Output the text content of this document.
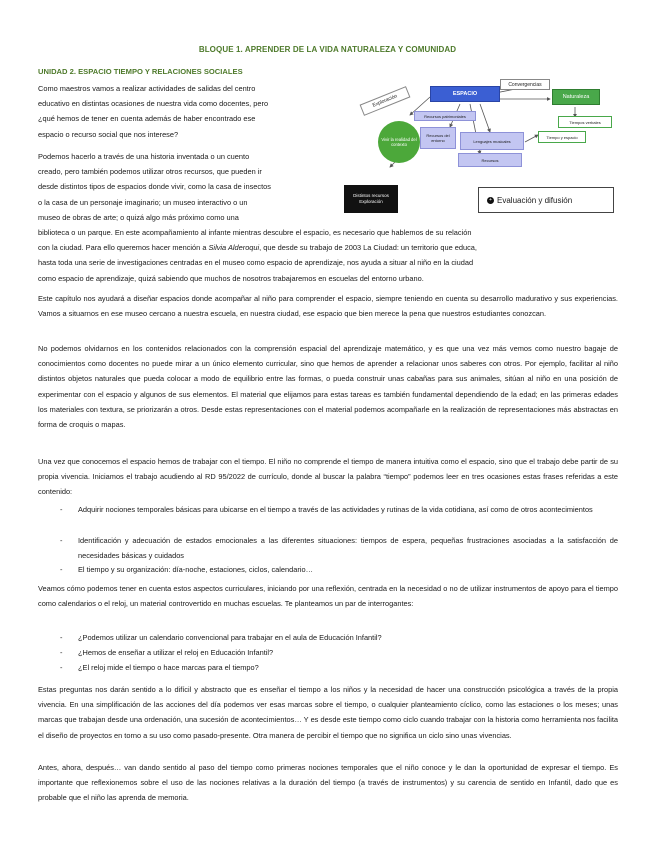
BLOQUE 1. APRENDER DE LA VIDA NATURALEZA Y COMUNIDAD
UNIDAD 2. ESPACIO TIEMPO Y RELACIONES SOCIALES
Como maestros vamos a realizar actividades de salidas del centro
educativo en distintas ocasiones de nuestra vida como docentes, pero
¿qué hemos de tener en cuenta además de haber encontrado ese
espacio o recurso social que nos interese?
Podemos hacerlo a través de una historia inventada o un cuento
creado, pero también podemos utilizar otros recursos, que pueden ir
desde distintos tipos de espacios donde vivir, como la casa de insectos
o la casa de un personaje imaginario; un museo interactivo o un
museo de obras de arte; o quizá algo más próximo como una
Exploración	ESPACIO
Convergencias
Naturaleza
Tiempos verbales
Tiempo y espacio
Vivir la realidad del contexto
Recursos patrimoniales
Lenguajes musicales
Recursos del entorno
Recursos
Distintos recursos Exploración	+ Evaluación y difusión
biblioteca o un parque. En este acompañamiento al infante mientras descubre el espacio, es necesario que hablemos de su relación
con la ciudad. Para ello queremos hacer mención a Silvia Alderoqui, que desde su trabajo de 2003 La Ciudad: un territorio que educa,
hasta toda una serie de investigaciones centradas en el museo como espacio de aprendizaje, nos ayuda a situar al niño en la ciudad
como espacio de aprendizaje, quizá sabiendo que muchos de nosotros trabajaremos en escuelas del entorno urbano.

Este capítulo nos ayudará a diseñar espacios donde acompañar al niño para comprender el espacio, siempre teniendo en cuenta su desarrollo madurativo y sus experiencias. Vamos a situarnos en ese museo cercano a nuestra escuela, en nuestra ciudad, ese espacio que bien merece la pena que nuestros estudiantes conozcan.

No podemos olvidarnos en los contenidos relacionados con la comprensión espacial del aprendizaje matemático, y es que una vez más vemos como nuestro bagaje de conocimientos como docentes no puede mirar a un único elemento curricular, sino que hemos de aprender a relacionar unos saberes con otros. Por ejemplo, facilitar al niño distintos objetos naturales que pueda colocar a modo de equilibrio entre las formas, o pueda construir unas cabañas para sus animales, sitúan al niño en una posición de experimentar con el espacio y algunos de sus elementos. El material que elijamos para estas tareas es también fundamental dependiendo de la edad; en las primeras edades los materiales con textura, se priorizarán a otros. Desde estas representaciones con el material podemos acompañarle en la realización de representaciones más abstractas en forma de croquis o mapas.

Una vez que conocemos el espacio hemos de trabajar con el tiempo. El niño no comprende el tiempo de manera intuitiva como el espacio, sino que el trabajo debe partir de su propia vivencia. Iniciamos el trabajo acudiendo al RD 95/2022 de currículo, donde al buscar la palabra “tiempo” podemos leer en tres ocasiones estas frases referidas a este contenido:

- Adquirir nociones temporales básicas para ubicarse en el tiempo a través de las actividades y rutinas de la vida cotidiana, así como de otros acontecimientos
- Identificación y adecuación de estados emocionales a las diferentes situaciones: tiempos de espera, pequeñas frustraciones asociadas a la satisfacción de necesidades básicas y cuidados
- El tiempo y su organización: día-noche, estaciones, ciclos, calendario…

Veamos cómo podemos tener en cuenta estos aspectos curriculares, iniciando por una reflexión, centrada en la necesidad o no de utilizar instrumentos de apoyo para el tiempo como calendarios o el reloj, un material controvertido en muchas escuelas. Te planteamos un par de interrogantes:

- ¿Podemos utilizar un calendario convencional para trabajar en el aula de Educación Infantil?
- ¿Hemos de enseñar a utilizar el reloj en Educación Infantil?
- ¿El reloj mide el tiempo o hace marcas para el tiempo?

Estas preguntas nos darán sentido a lo difícil y abstracto que es enseñar el tiempo a los niños y la necesidad de hacer una construcción psicológica a través de la propia vivencia. En una simplificación de las acciones del día podemos ver esas marcas sobre el tiempo, o cualquier planteamiento cíclico, como las estaciones o los meses; unas marcas que trabajan desde una ordenación, una sucesión de acontecimientos… Y es desde este tiempo como ciclo cuando trabajar con la historia como herramienta nos facilita el diseño de proyectos en torno a su uso como pasado-presente. Otra manera de percibir el tiempo que no significa un ciclo sino unas vivencias.

Antes, ahora, después… van dando sentido al paso del tiempo como primeras nociones temporales que el niño conoce y le dan la oportunidad de expresar el tiempo. Es importante que reflexionemos sobre el uso de las nociones relativas a la duración del tiempo (a través de instrumentos) y su carencia de sentido en Infantil, dado que es probable que el niño las aprenda de memoria.
